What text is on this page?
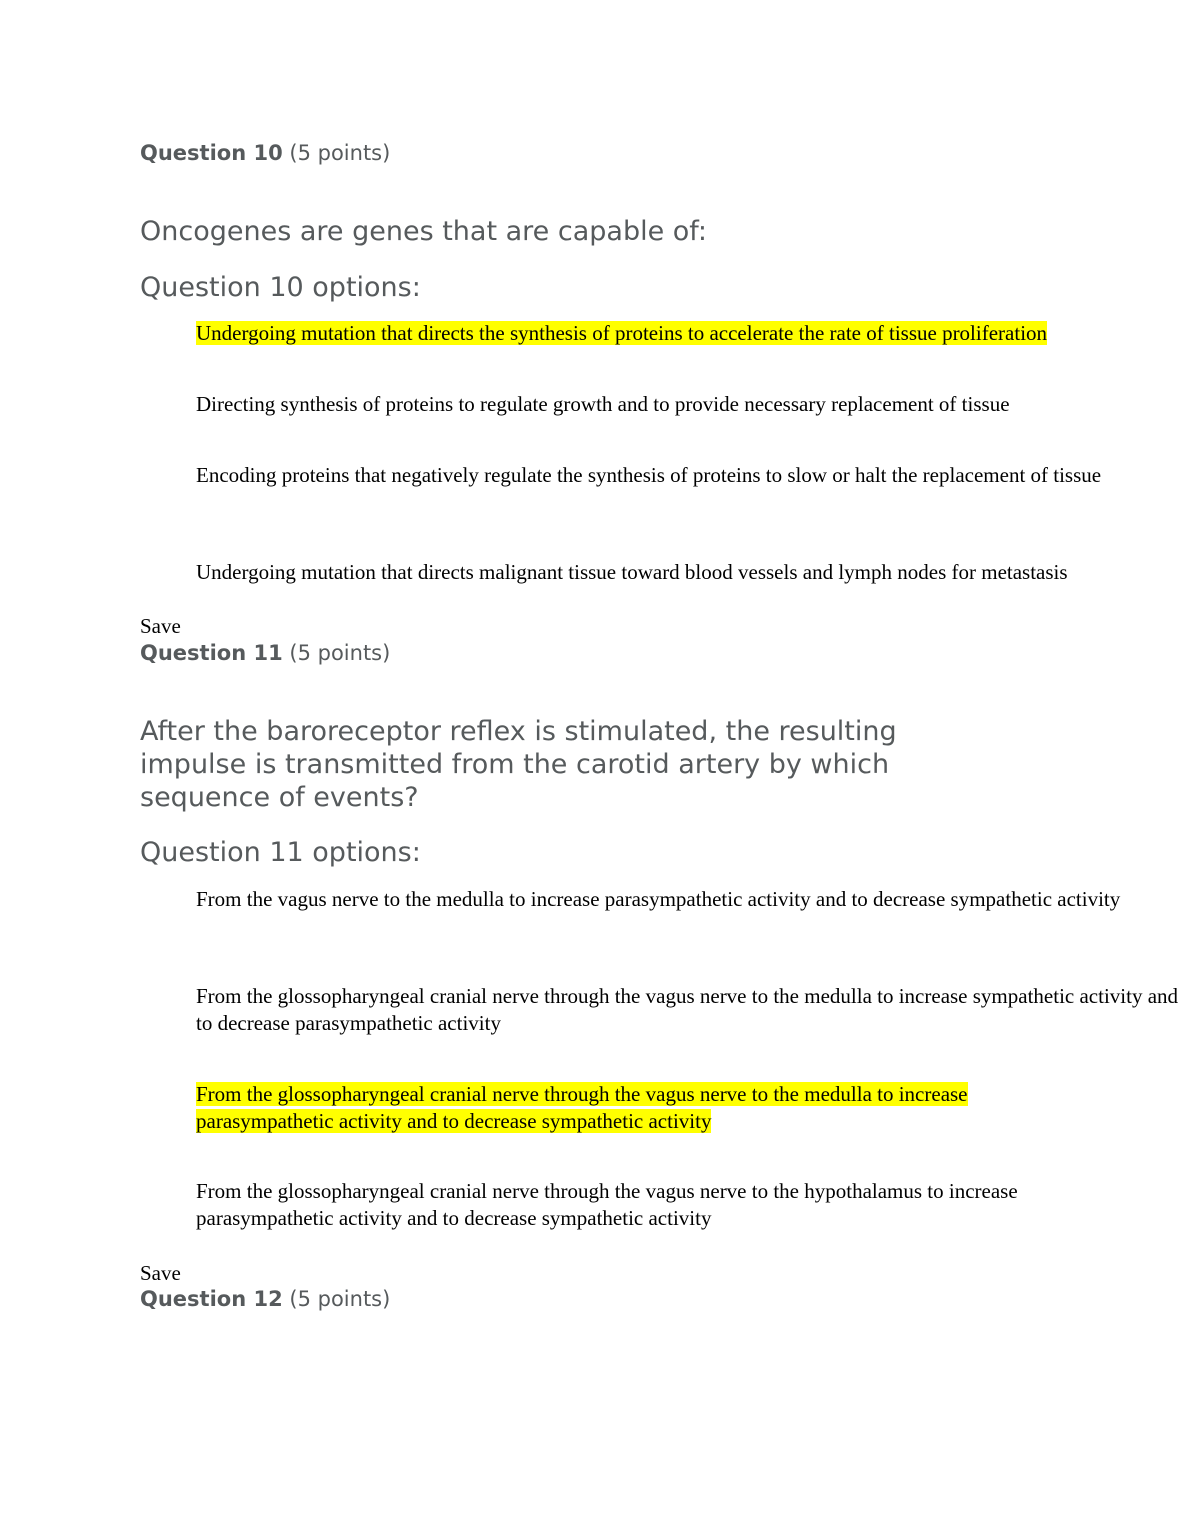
Question 10 (5 points)

Oncogenes are genes that are capable of:

Question 10 options:
Undergoing mutation that directs the synthesis of proteins to accelerate the rate of tissue proliferation
Directing synthesis of proteins to regulate growth and to provide necessary replacement of tissue
Encoding proteins that negatively regulate the synthesis of proteins to slow or halt the replacement of tissue
Undergoing mutation that directs malignant tissue toward blood vessels and lymph nodes for metastasis
Save
Question 11 (5 points)

After the baroreceptor reflex is stimulated, the resulting impulse is transmitted from the carotid artery by which sequence of events?

Question 11 options:
From the vagus nerve to the medulla to increase parasympathetic activity and to decrease sympathetic activity
From the glossopharyngeal cranial nerve through the vagus nerve to the medulla to increase sympathetic activity and to decrease parasympathetic activity
From the glossopharyngeal cranial nerve through the vagus nerve to the medulla to increase parasympathetic activity and to decrease sympathetic activity
From the glossopharyngeal cranial nerve through the vagus nerve to the hypothalamus to increase parasympathetic activity and to decrease sympathetic activity
Save
Question 12 (5 points)
